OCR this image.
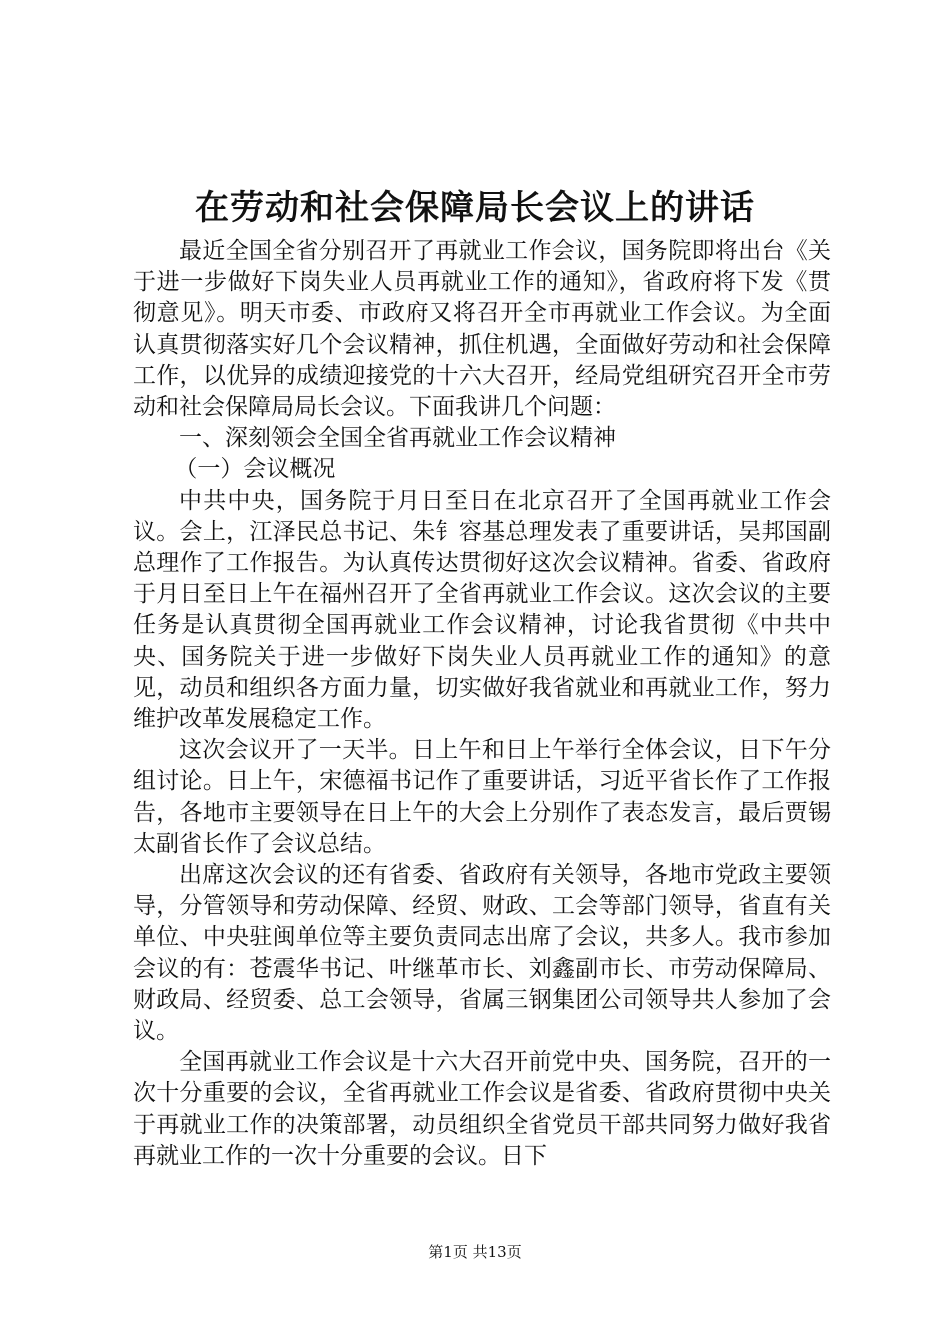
在劳动和社会保障局长会议上的讲话

最近全国全省分别召开了再就业工作会议，国务院即将出台《关于进一步做好下岗失业人员再就业工作的通知》，省政府将下发《贯彻意见》。明天市委、市政府又将召开全市再就业工作会议。为全面认真贯彻落实好几个会议精神，抓住机遇，全面做好劳动和社会保障工作，以优异的成绩迎接党的十六大召开，经局党组研究召开全市劳动和社会保障局局长会议。下面我讲几个问题：

一、深刻领会全国全省再就业工作会议精神

（一）会议概况

中共中央，国务院于月日至日在北京召开了全国再就业工作会议。会上，江泽民总书记、朱钅容基总理发表了重要讲话，吴邦国副总理作了工作报告。为认真传达贯彻好这次会议精神。省委、省政府于月日至日上午在福州召开了全省再就业工作会议。这次会议的主要任务是认真贯彻全国再就业工作会议精神，讨论我省贯彻《中共中央、国务院关于进一步做好下岗失业人员再就业工作的通知》的意见，动员和组织各方面力量，切实做好我省就业和再就业工作，努力维护改革发展稳定工作。

这次会议开了一天半。日上午和日上午举行全体会议，日下午分组讨论。日上午，宋德福书记作了重要讲话，习近平省长作了工作报告，各地市主要领导在日上午的大会上分别作了表态发言，最后贾锡太副省长作了会议总结。

出席这次会议的还有省委、省政府有关领导，各地市党政主要领导，分管领导和劳动保障、经贸、财政、工会等部门领导，省直有关单位、中央驻闽单位等主要负责同志出席了会议，共多人。我市参加会议的有：苍震华书记、叶继革市长、刘鑫副市长、市劳动保障局、财政局、经贸委、总工会领导，省属三钢集团公司领导共人参加了会议。

全国再就业工作会议是十六大召开前党中央、国务院，召开的一次十分重要的会议，全省再就业工作会议是省委、省政府贯彻中央关于再就业工作的决策部署，动员组织全省党员干部共同努力做好我省再就业工作的一次十分重要的会议。日下

第1页 共13页
